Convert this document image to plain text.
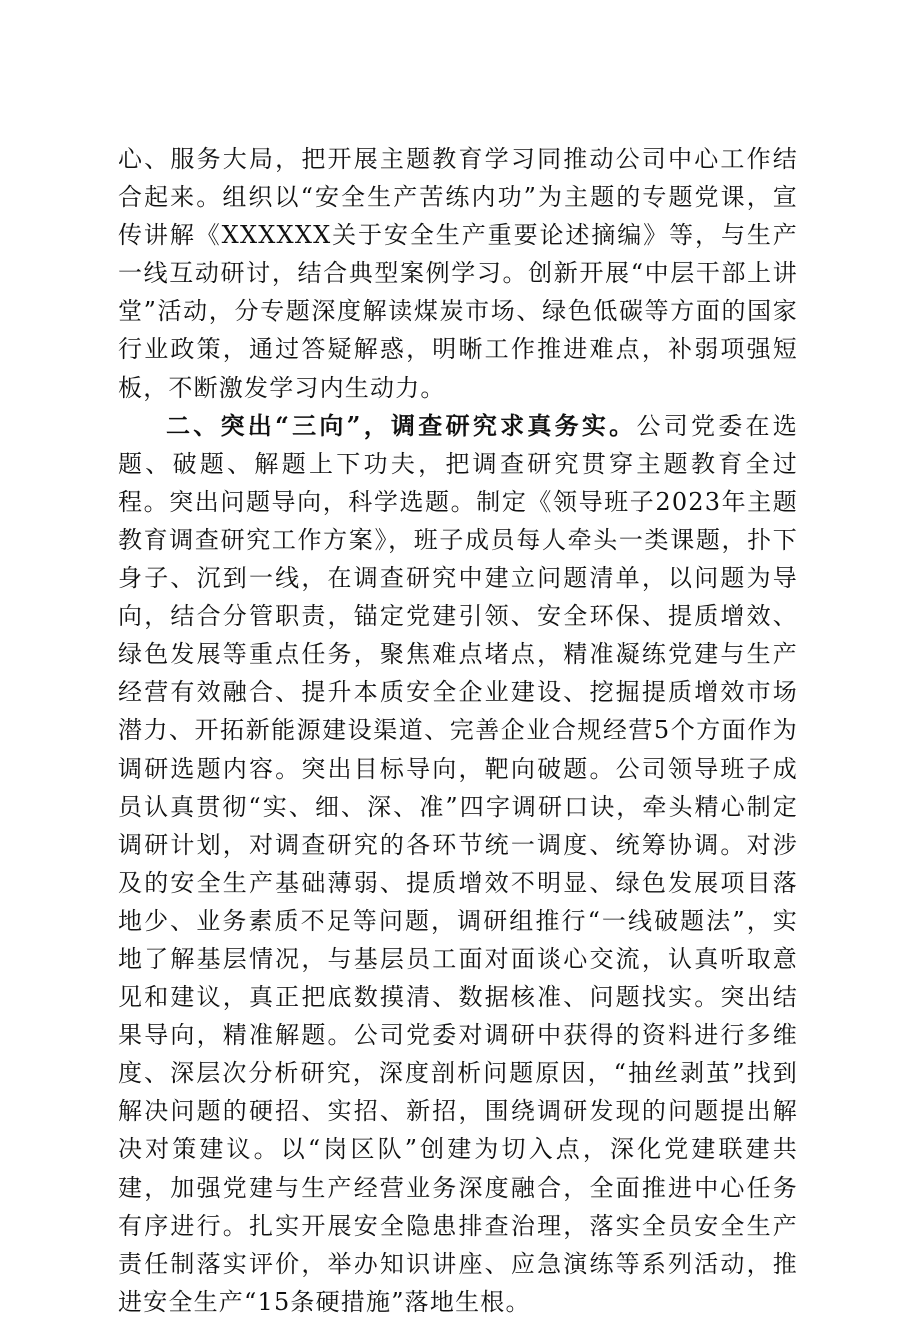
心、服务大局，把开展主题教育学习同推动公司中心工作结合起来。组织以“安全生产苦练内功”为主题的专题党课，宣传讲解《XXXXXX关于安全生产重要论述摘编》等，与生产一线互动研讨，结合典型案例学习。创新开展“中层干部上讲堂”活动，分专题深度解读煤炭市场、绿色低碳等方面的国家行业政策，通过答疑解惑，明晰工作推进难点，补弱项强短板，不断激发学习内生动力。

二、突出“三向”，调查研究求真务实。公司党委在选题、破题、解题上下功夫，把调查研究贯穿主题教育全过程。突出问题导向，科学选题。制定《领导班子2023年主题教育调查研究工作方案》，班子成员每人牵头一类课题，扑下身子、沉到一线，在调查研究中建立问题清单，以问题为导向，结合分管职责，锚定党建引领、安全环保、提质增效、绿色发展等重点任务，聚焦难点堵点，精准凝练党建与生产经营有效融合、提升本质安全企业建设、挖掘提质增效市场潜力、开拓新能源建设渠道、完善企业合规经营5个方面作为调研选题内容。突出目标导向，靶向破题。公司领导班子成员认真贯彻“实、细、深、准”四字调研口诀，牵头精心制定调研计划，对调查研究的各环节统一调度、统筹协调。对涉及的安全生产基础薄弱、提质增效不明显、绿色发展项目落地少、业务素质不足等问题，调研组推行“一线破题法”，实地了解基层情况，与基层员工面对面谈心交流，认真听取意见和建议，真正把底数摸清、数据核准、问题找实。突出结果导向，精准解题。公司党委对调研中获得的资料进行多维度、深层次分析研究，深度剖析问题原因，“抽丝剥茧”找到解决问题的硬招、实招、新招，围绕调研发现的问题提出解决对策建议。以“岗区队”创建为切入点，深化党建联建共建，加强党建与生产经营业务深度融合，全面推进中心任务有序进行。扎实开展安全隐患排查治理，落实全员安全生产责任制落实评价，举办知识讲座、应急演练等系列活动，推进安全生产“15条硬措施”落地生根。
